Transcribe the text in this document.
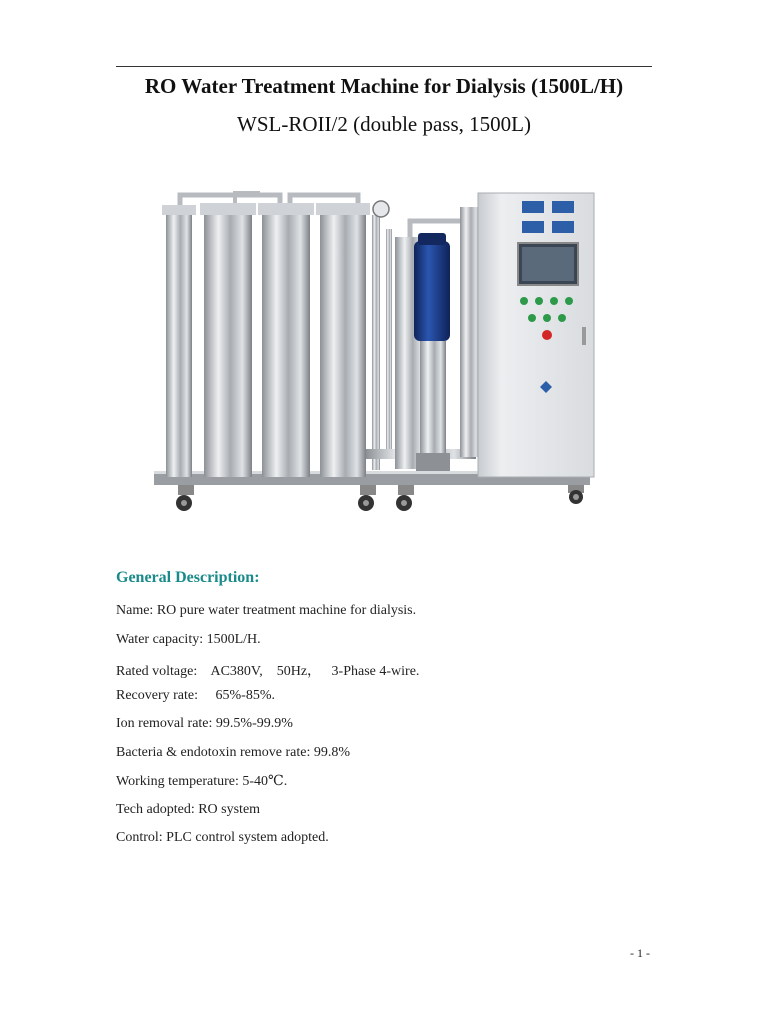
RO Water Treatment Machine for Dialysis (1500L/H)
WSL-ROII/2 (double pass, 1500L)
General Description:
Name: RO pure water treatment machine for dialysis.
Water capacity: 1500L/H.
Rated voltage:    AC380V,    50Hz，   3-Phase 4-wire.
Recovery rate:     65%-85%.
Ion removal rate: 99.5%-99.9%
Bacteria & endotoxin remove rate: 99.8%
Working temperature: 5-40℃.
Tech adopted: RO system
Control: PLC control system adopted.
- 1 -
